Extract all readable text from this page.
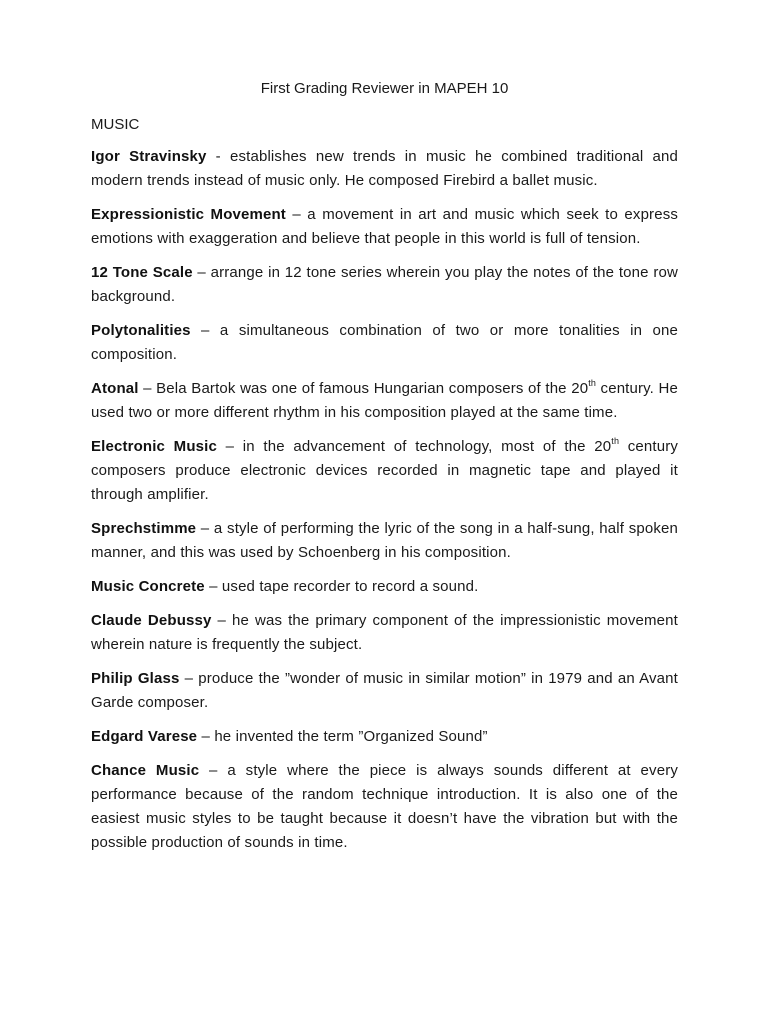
First Grading Reviewer in MAPEH 10

MUSIC

Igor Stravinsky - establishes new trends in music he combined traditional and modern trends instead of music only. He composed Firebird a ballet music.

Expressionistic Movement – a movement in art and music which seek to express emotions with exaggeration and believe that people in this world is full of tension.

12 Tone Scale – arrange in 12 tone series wherein you play the notes of the tone row background.

Polytonalities – a simultaneous combination of two or more tonalities in one composition.

Atonal – Bela Bartok was one of famous Hungarian composers of the 20th century. He used two or more different rhythm in his composition played at the same time.

Electronic Music – in the advancement of technology, most of the 20th century composers produce electronic devices recorded in magnetic tape and played it through amplifier.

Sprechstimme – a style of performing the lyric of the song in a half-sung, half spoken manner, and this was used by Schoenberg in his composition.

Music Concrete – used tape recorder to record a sound.

Claude Debussy – he was the primary component of the impressionistic movement wherein nature is frequently the subject.

Philip Glass – produce the ”wonder of music in similar motion” in 1979 and an Avant Garde composer.

Edgard Varese – he invented the term ”Organized Sound”

Chance Music – a style where the piece is always sounds different at every performance because of the random technique introduction. It is also one of the easiest music styles to be taught because it doesn’t have the vibration but with the possible production of sounds in time.
